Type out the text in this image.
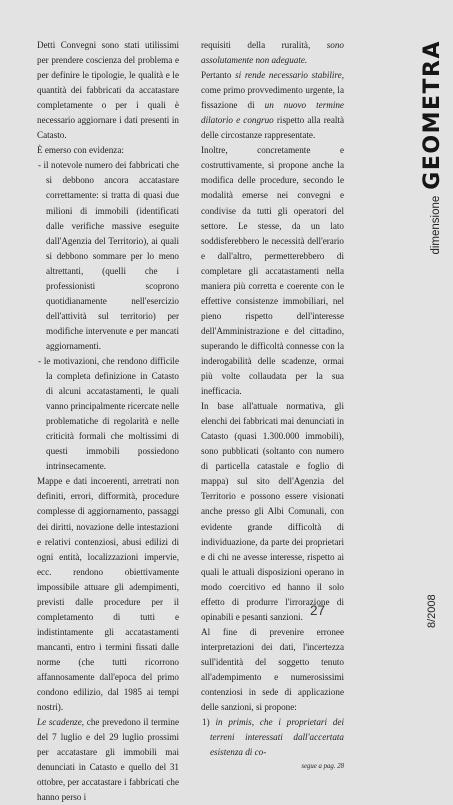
Detti Convegni sono stati utilissimi per prendere coscienza del problema e per definire le tipologie, le qualità e le quantità dei fabbricati da accatastare completamente o per i quali è necessario aggiornare i dati presenti in Catasto.

È emerso con evidenza:

- il notevole numero dei fabbricati che si debbono ancora accatastare correttamente: si tratta di quasi due milioni di immobili (identificati dalle verifiche massive eseguite dall'Agenzia del Territorio), ai quali si debbono sommare per lo meno altrettanti, (quelli che i professionisti scoprono quotidianamente nell'esercizio dell'attività sul territorio) per modifiche intervenute e per mancati aggiornamenti.

- le motivazioni, che rendono difficile la completa definizione in Catasto di alcuni accatastamenti, le quali vanno principalmente ricercate nelle problematiche di regolarità e nelle criticità formali che moltissimi di questi immobili possiedono intrinsecamente.

Mappe e dati incoerenti, arretrati non definiti, errori, difformità, procedure complesse di aggiornamento, passaggi dei diritti, novazione delle intestazioni e relativi contenziosi, abusi edilizi di ogni entità, localizzazioni impervie, ecc. rendono obiettivamente impossibile attuare gli adempimenti, previsti dalle procedure per il completamento di tutti e indistintamente gli accatastamenti mancanti, entro i termini fissati dalle norme (che tutti ricorrono affannosamente dall'epoca del primo condono edilizio, dal 1985 ai tempi nostri).

Le scadenze, che prevedono il termine del 7 luglio e del 29 luglio prossimi per accatastare gli immobili mai denunciati in Catasto e quello del 31 ottobre, per accatastare i fabbricati che hanno perso i

requisiti della ruralità, sono assolutamente non adeguate.

Pertanto si rende necessario stabilire, come primo provvedimento urgente, la fissazione di un nuovo termine dilatorio e congruo rispetto alla realtà delle circostanze rappresentate.

Inoltre, concretamente e costruttivamente, si propone anche la modifica delle procedure, secondo le modalità emerse nei convegni e condivise da tutti gli operatori del settore. Le stesse, da un lato soddisferebbero le necessità dell'erario e dall'altro, permetterebbero di completare gli accatastamenti nella maniera più corretta e coerente con le effettive consistenze immobiliari, nel pieno rispetto dell'interesse dell'Amministrazione e del cittadino, superando le difficoltà connesse con la inderogabilità delle scadenze, ormai più volte collaudata per la sua inefficacia.

In base all'attuale normativa, gli elenchi dei fabbricati mai denunciati in Catasto (quasi 1.300.000 immobili), sono pubblicati (soltanto con numero di particella catastale e foglio di mappa) sul sito dell'Agenzia del Territorio e possono essere visionati anche presso gli Albi Comunali, con evidente grande difficoltà di individuazione, da parte dei proprietari e di chi ne avesse interesse, rispetto ai quali le attuali disposizioni operano in modo coercitivo ed hanno il solo effetto di produrre l'irrorazione di opinabili e pesanti sanzioni.

Al fine di prevenire erronee interpretazioni dei dati, l'incertezza sull'identità del soggetto tenuto all'adempimento e numerosissimi contenziosi in sede di applicazione delle sanzioni, si propone:

1) in primis, che i proprietari dei terreni interessati dall'accertata esistenza di co-

segue a pag. 28

27
dimensione
GEOMETRA
8/2008
